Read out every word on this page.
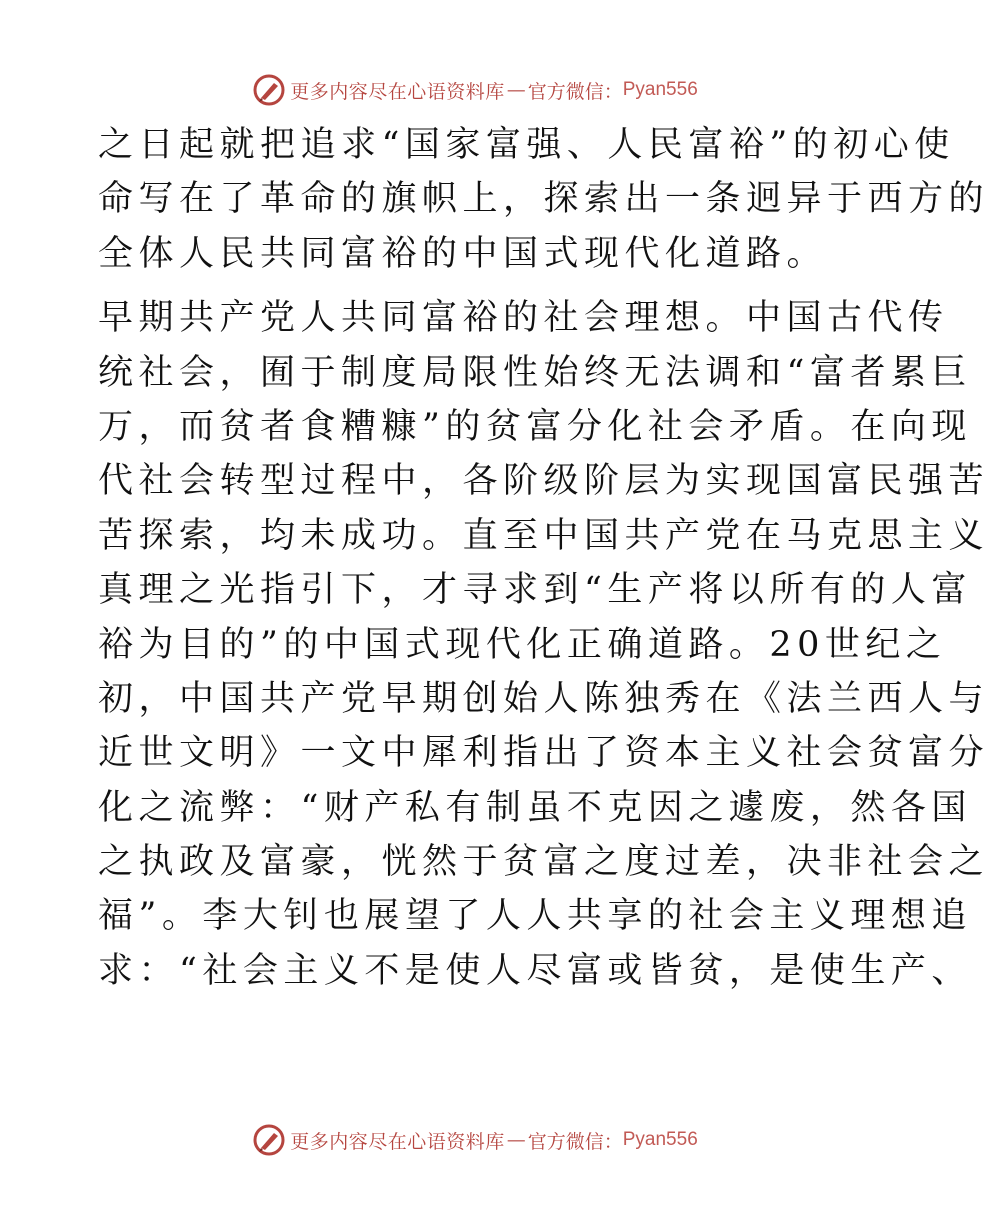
更多内容尽在心语资料库 — 官方微信： Pyan556
之日起就把追求“国家富强、人民富裕”的初心使
命写在了革命的旗帜上，探索出一条迥异于西方的
全体人民共同富裕的中国式现代化道路。
早期共产党人共同富裕的社会理想。中国古代传
统社会，囿于制度局限性始终无法调和“富者累巨
万，而贫者食糟糠”的贫富分化社会矛盾。在向现
代社会转型过程中，各阶级阶层为实现国富民强苦
苦探索，均未成功。直至中国共产党在马克思主义
真理之光指引下，才寻求到“生产将以所有的人富
裕为目的”的中国式现代化正确道路。20世纪之
初，中国共产党早期创始人陈独秀在《法兰西人与
近世文明》一文中犀利指出了资本主义社会贫富分
化之流弊：“财产私有制虽不克因之遽废，然各国
之执政及富豪，恍然于贫富之度过差，决非社会之
福”。李大钊也展望了人人共享的社会主义理想追
求：“社会主义不是使人尽富或皆贫，是使生产、
更多内容尽在心语资料库 — 官方微信： Pyan556
